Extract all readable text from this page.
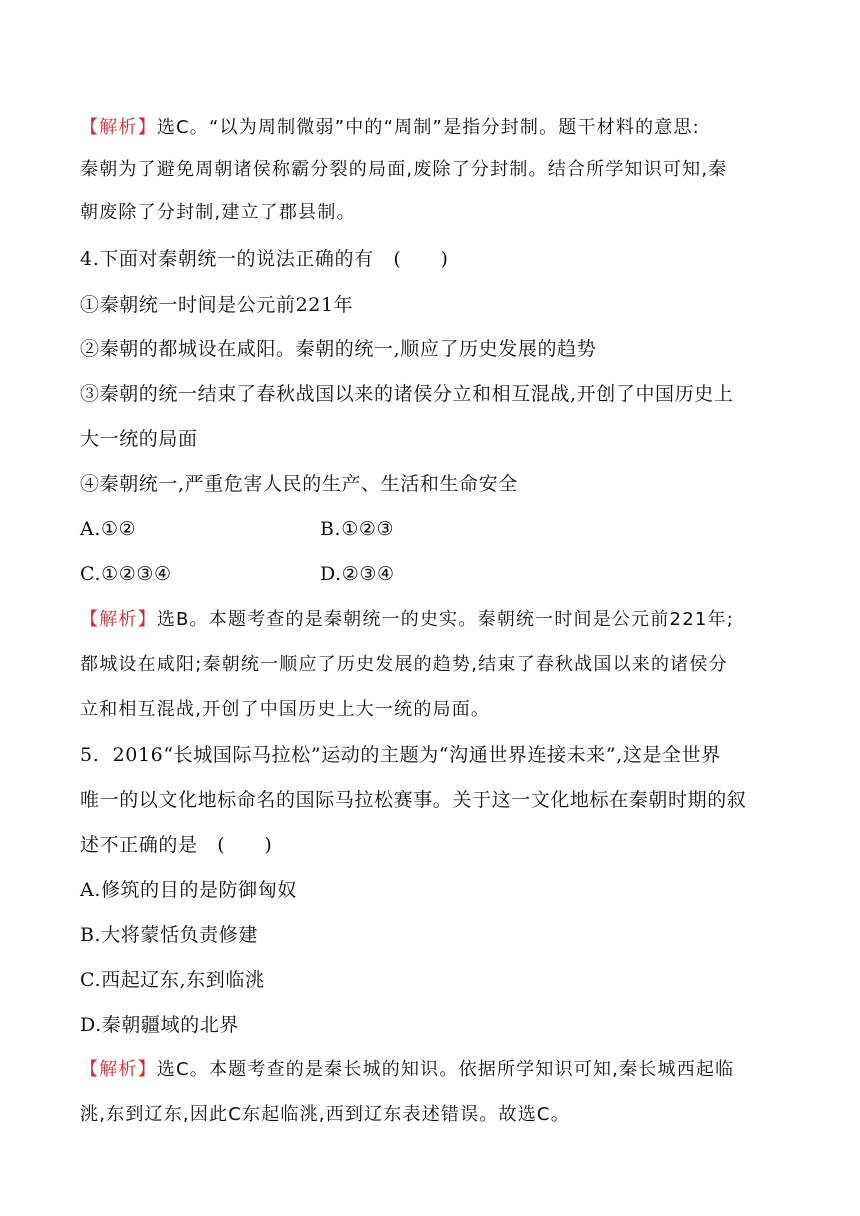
【解析】选C。“以为周制微弱”中的“周制”是指分封制。题干材料的意思:
秦朝为了避免周朝诸侯称霸分裂的局面,废除了分封制。结合所学知识可知,秦
朝废除了分封制,建立了郡县制。
4.下面对秦朝统一的说法正确的有　(　　)
①秦朝统一时间是公元前221年
②秦朝的都城设在咸阳。秦朝的统一,顺应了历史发展的趋势
③秦朝的统一结束了春秋战国以来的诸侯分立和相互混战,开创了中国历史上
大一统的局面
④秦朝统一,严重危害人民的生产、生活和生命安全
A.①②	B.①②③
C.①②③④	D.②③④
【解析】选B。本题考查的是秦朝统一的史实。秦朝统一时间是公元前221年;
都城设在咸阳;秦朝统一顺应了历史发展的趋势,结束了春秋战国以来的诸侯分
立和相互混战,开创了中国历史上大一统的局面。
5.  2016“长城国际马拉松”运动的主题为“沟通世界连接未来”,这是全世界
唯一的以文化地标命名的国际马拉松赛事。关于这一文化地标在秦朝时期的叙
述不正确的是　(　　)
A.修筑的目的是防御匈奴
B.大将蒙恬负责修建
C.西起辽东,东到临洮
D.秦朝疆域的北界
【解析】选C。本题考查的是秦长城的知识。依据所学知识可知,秦长城西起临
洮,东到辽东,因此C东起临洮,西到辽东表述错误。故选C。
